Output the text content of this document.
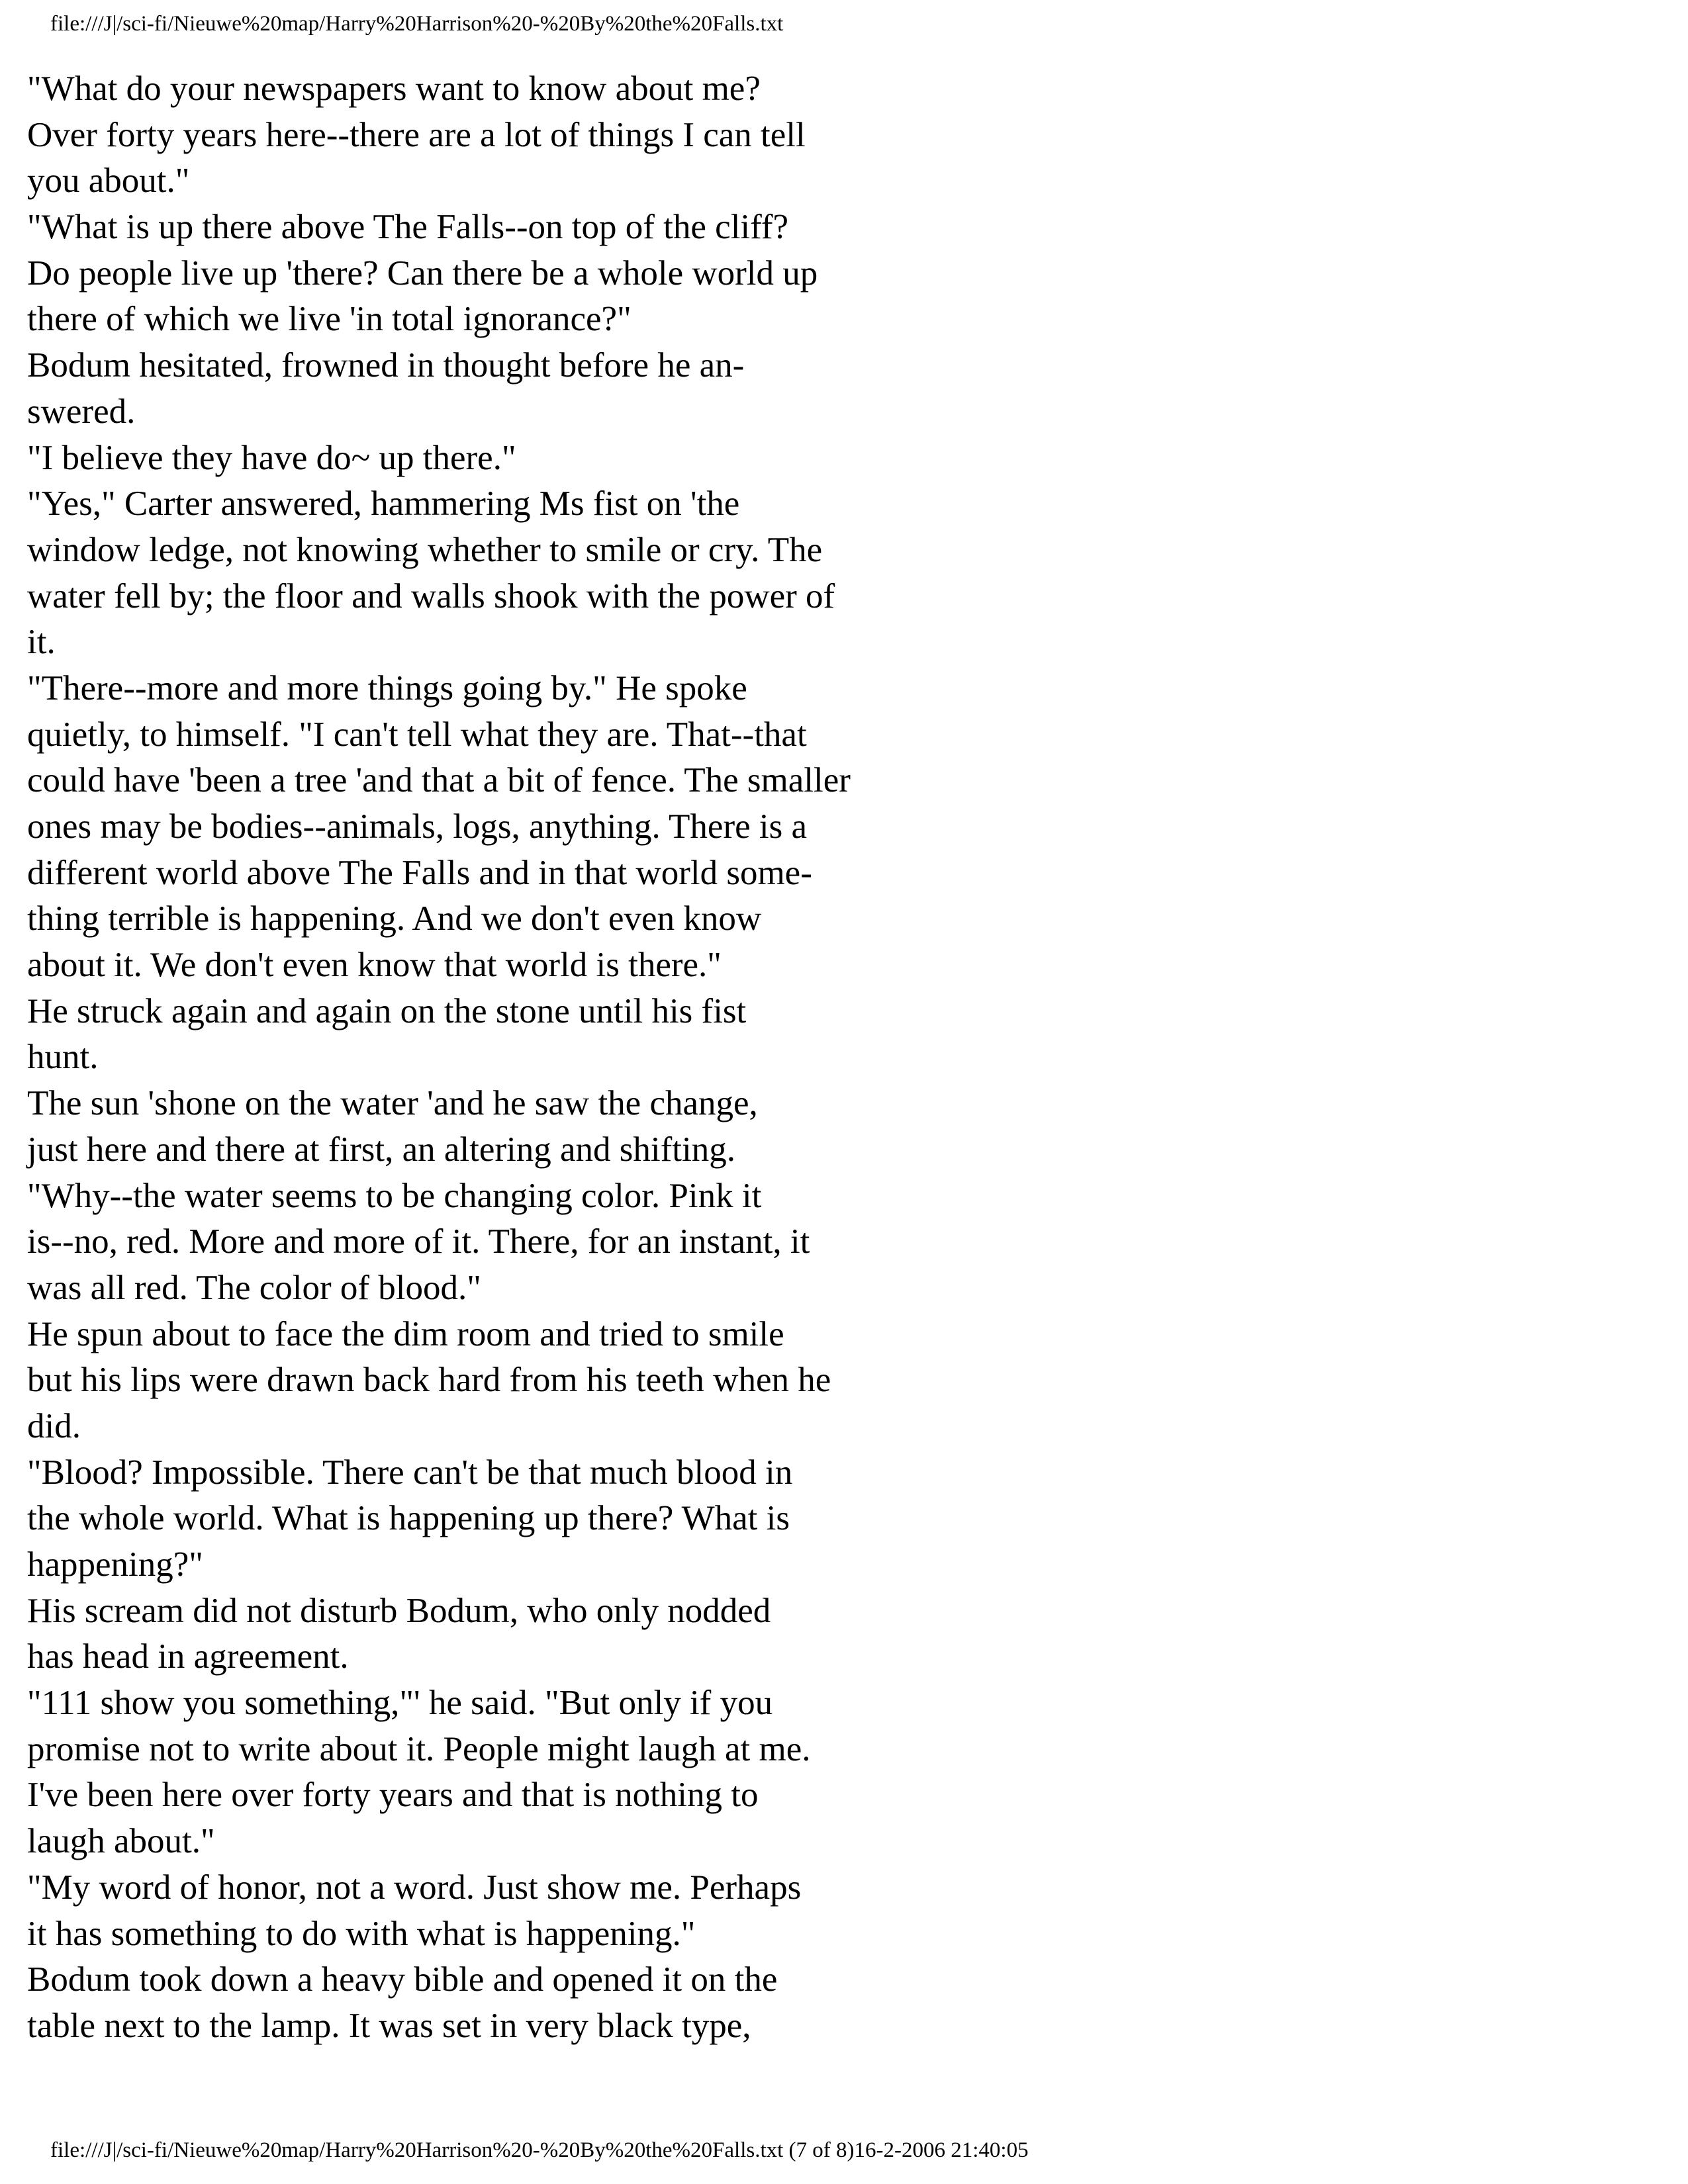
file:///J|/sci-fi/Nieuwe%20map/Harry%20Harrison%20-%20By%20the%20Falls.txt
"What do your newspapers want to know about me?
Over forty years here--there are a lot of things I can tell
you about."
"What is up there above The Falls--on top of the cliff?
Do people live up 'there? Can there be a whole world up
there of which we live 'in total ignorance?"
Bodum hesitated, frowned in thought before he an-
swered.
"I believe they have do~ up there."
"Yes," Carter answered, hammering Ms fist on 'the
window ledge, not knowing whether to smile or cry. The
water fell by; the floor and walls shook with the power of
it.
"There--more and more things going by." He spoke
quietly, to himself. "I can't tell what they are. That--that
could have 'been a tree 'and that a bit of fence. The smaller
ones may be bodies--animals, logs, anything. There is a
different world above The Falls and in that world some-
thing terrible is happening. And we don't even know
about it. We don't even know that world is there."
He struck again and again on the stone until his fist
hunt.
The sun 'shone on the water 'and he saw the change,
just here and there at first, an altering and shifting.
"Why--the water seems to be changing color. Pink it
is--no, red. More and more of it. There, for an instant, it
was all red. The color of blood."
He spun about to face the dim room and tried to smile
but his lips were drawn back hard from his teeth when he
did.
"Blood? Impossible. There can't be that much blood in
the whole world. What is happening up there? What is
happening?"
His scream did not disturb Bodum, who only nodded
has head in agreement.
"111 show you something,"' he said. "But only if you
promise not to write about it. People might laugh at me.
I've been here over forty years and that is nothing to
laugh about."
"My word of honor, not a word. Just show me. Perhaps
it has something to do with what is happening."
Bodum took down a heavy bible and opened it on the
table next to the lamp. It was set in very black type,
file:///J|/sci-fi/Nieuwe%20map/Harry%20Harrison%20-%20By%20the%20Falls.txt (7 of 8)16-2-2006 21:40:05
